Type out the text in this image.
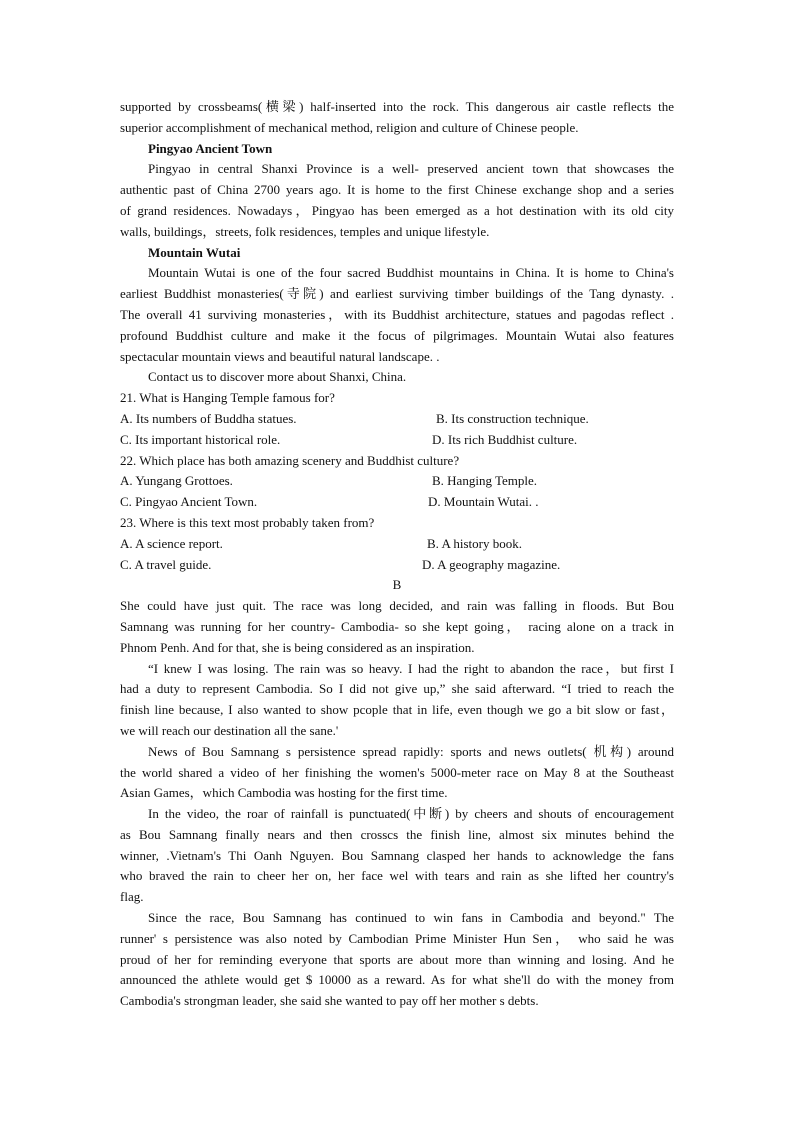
supported by crossbeams(横梁) half-inserted into the rock. This dangerous air castle reflects the
superior accomplishment of mechanical method, religion and culture of Chinese people.
Pingyao Ancient Town
Pingyao in central Shanxi Province is a well- preserved ancient town that showcases the
authentic past of China 2700 years ago. It is home to the first Chinese exchange shop and a series
of grand residences. Nowadays，Pingyao has been emerged as a hot destination with its old city
walls, buildings，streets, folk residences, temples and unique lifestyle.
Mountain Wutai
Mountain Wutai is one of the four sacred Buddhist mountains in China. It is home to China's
earliest Buddhist monasteries(寺院) and earliest surviving timber buildings of the Tang dynasty. .
The overall 41 surviving monasteries，with its Buddhist architecture, statues and pagodas reflect .
profound Buddhist culture and make it the focus of pilgrimages. Mountain Wutai also features
spectacular mountain views and beautiful natural landscape. .
Contact us to discover more about Shanxi, China.
21. What is Hanging Temple famous for?
A. Its numbers of Buddha statues.	B. Its construction technique.
C. Its important historical role.	D. Its rich Buddhist culture.
22. Which place has both amazing scenery and Buddhist culture?
A. Yungang Grottoes.	B. Hanging Temple.
C. Pingyao Ancient Town.	D. Mountain Wutai. .
23. Where is this text most probably taken from?
A. A science report.	B. A history book.
C. A travel guide.	D. A geography magazine.
B
She could have just quit. The race was long decided, and rain was falling in floods. But Bou
Samnang was running for her country- Cambodia- so she kept going， racing alone on a track in
Phnom Penh. And for that, she is being considered as an inspiration.
“I knew I was losing. The rain was so heavy. I had the right to abandon the race，but first I
had a duty to represent Cambodia. So I did not give up,” she said afterward. “I tried to reach the
finish line because, I also wanted to show pcople that in life, even though we go a bit slow or fast，
we will reach our destination all the sane.'
News of Bou Samnang s persistence spread rapidly: sports and news outlets( 机构) around
the world shared a video of her finishing the women's 5000-meter race on May 8 at the Southeast
Asian Games，which Cambodia was hosting for the first time.
In the video, the roar of rainfall is punctuated(中断) by cheers and shouts of encouragement
as Bou Samnang finally nears and then crosscs the finish line, almost six minutes behind the
winner, .Vietnam's Thi Oanh Nguyen. Bou Samnang clasped her hands to acknowledge the fans
who braved the rain to cheer her on, her face wel with tears and rain as she lifted her country's
flag.
Since the race, Bou Samnang has continued to win fans in Cambodia and beyond." The
runner' s persistence was also noted by Cambodian Prime Minister Hun Sen， who said he was
proud of her for reminding everyone that sports are about more than winning and losing. And he
announced the athlete would get $ 10000 as a reward. As for what she'll do with the money from
Cambodia's strongman leader, she said she wanted to pay off her mother s debts.
